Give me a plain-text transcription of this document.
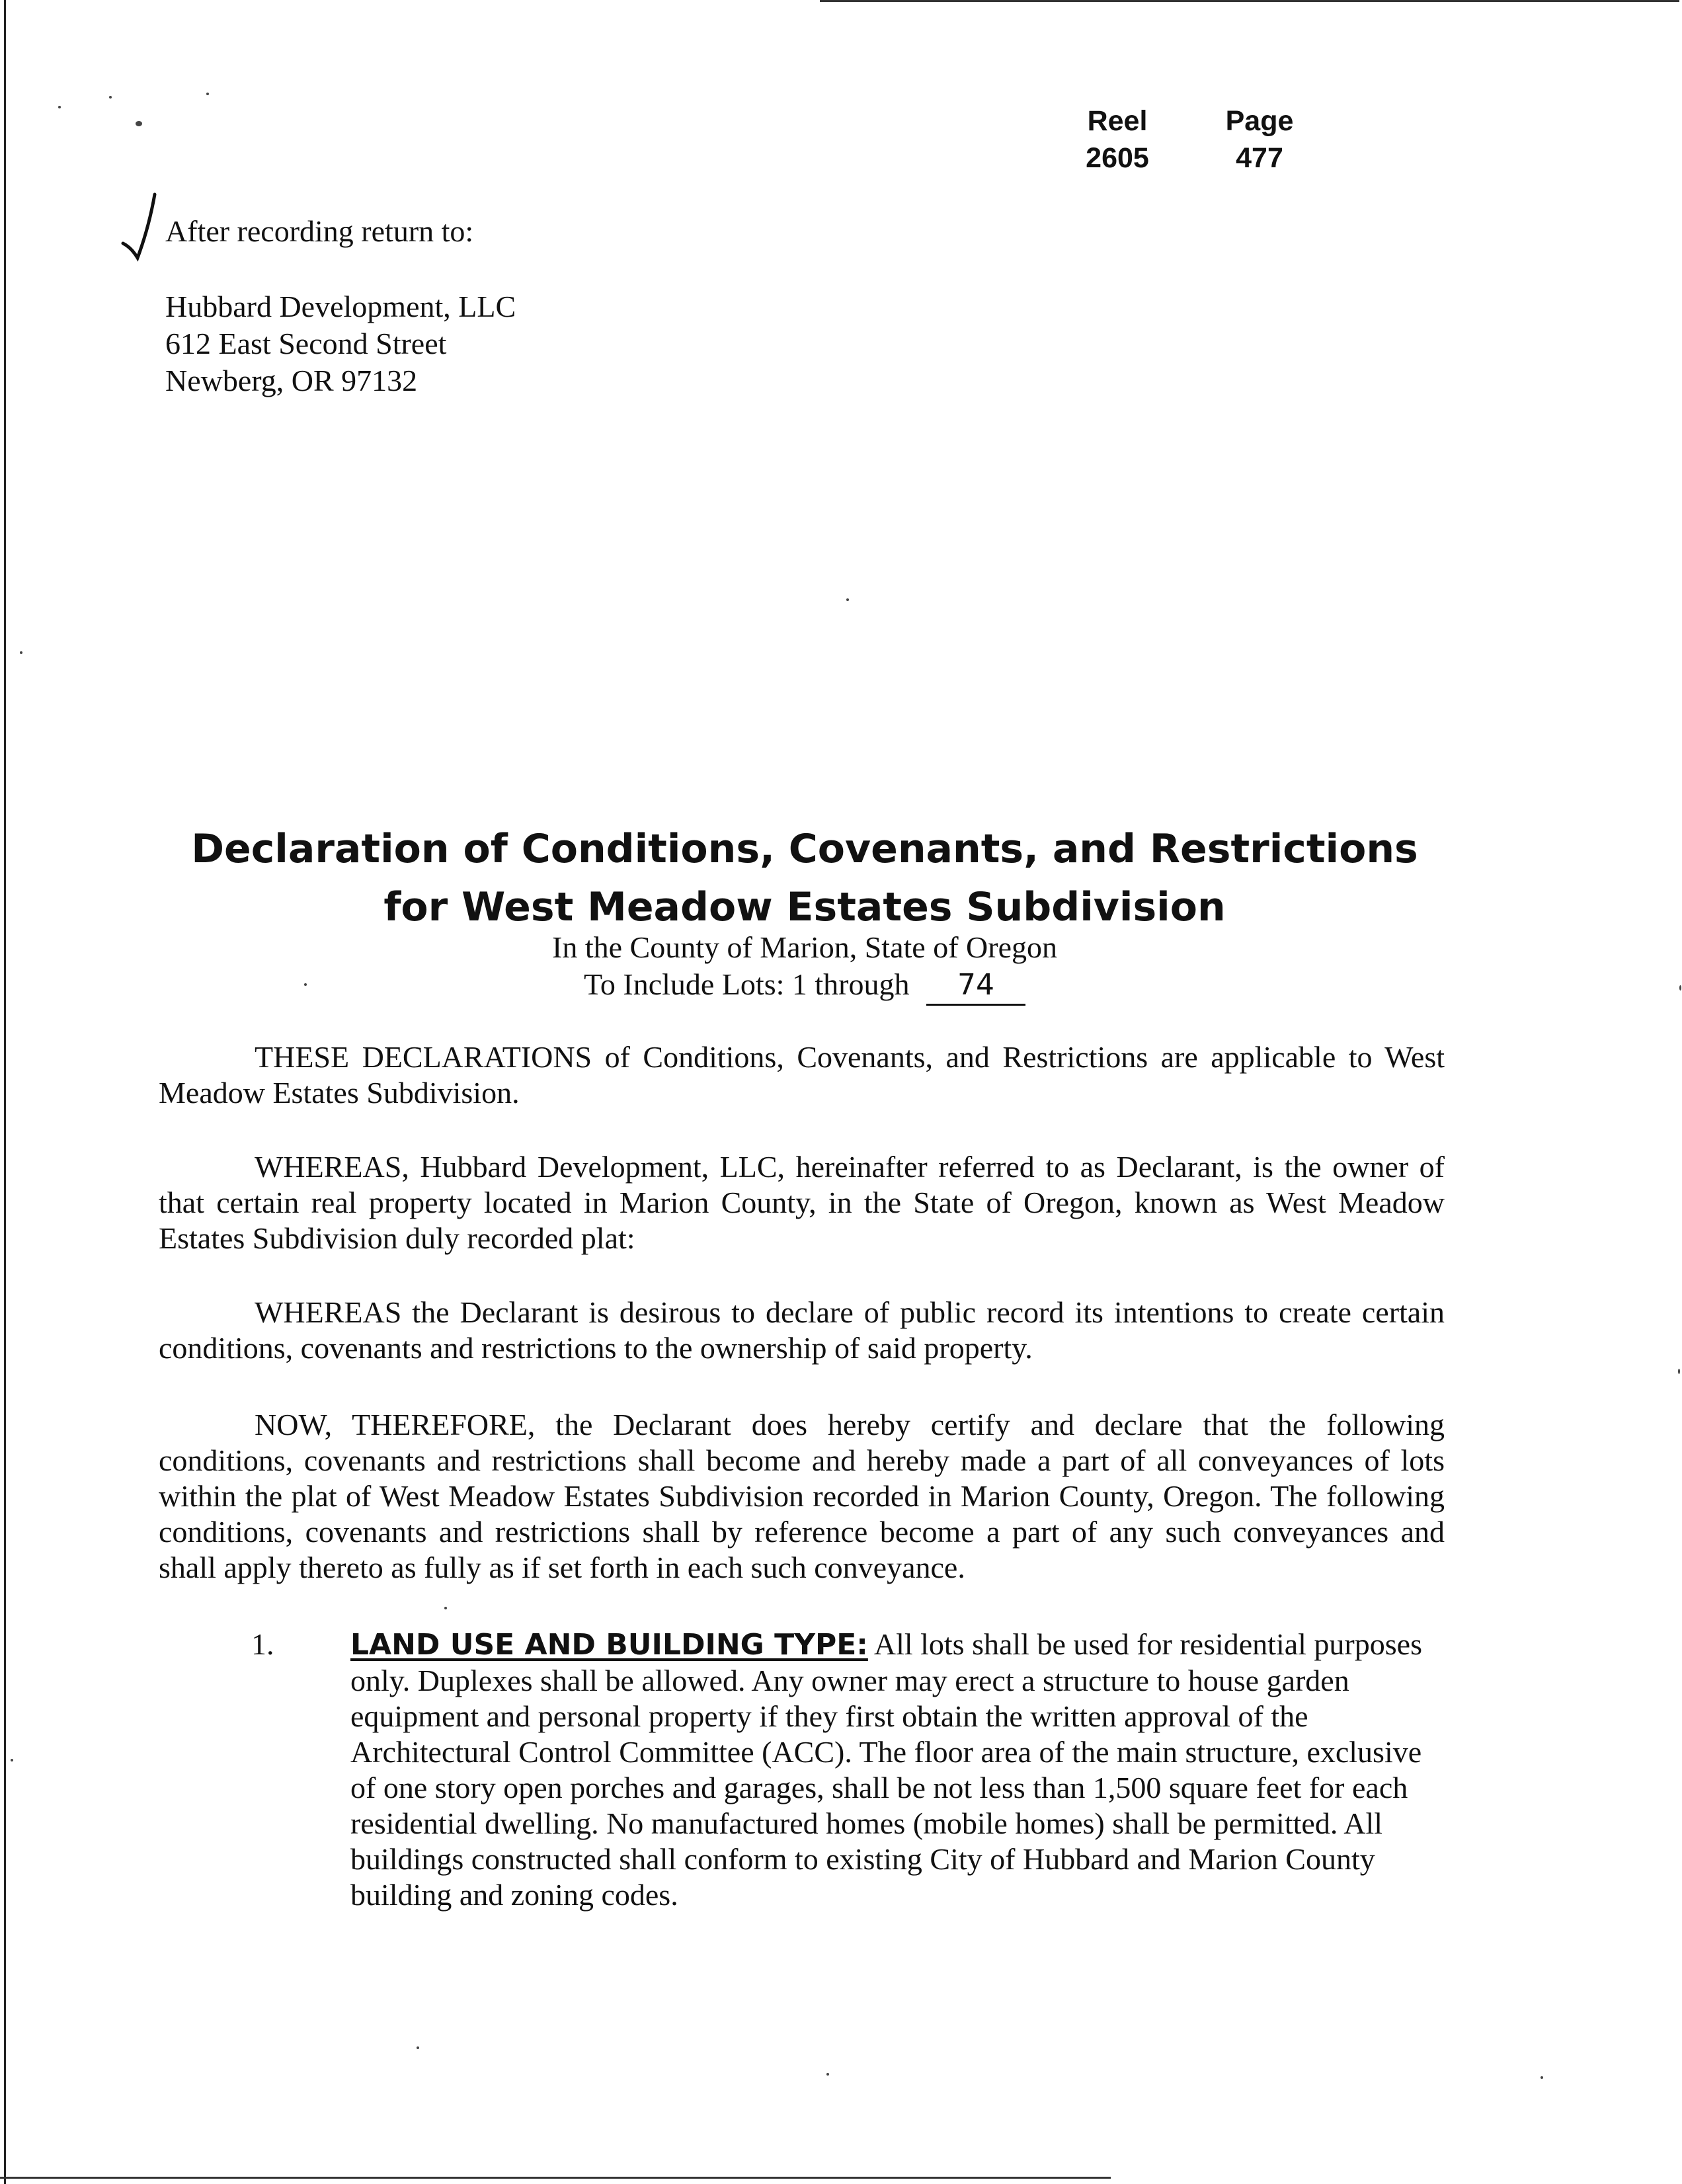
Reel
2605
Page
477
After recording return to:
Hubbard Development, LLC
612 East Second Street
Newberg, OR 97132
Declaration of Conditions, Covenants, and Restrictions
for West Meadow Estates Subdivision
In the County of Marion, State of Oregon
To Include Lots: 1 through 74
THESE DECLARATIONS of Conditions, Covenants, and Restrictions are applicable to West Meadow Estates Subdivision.
WHEREAS, Hubbard Development, LLC, hereinafter referred to as Declarant, is the owner of that certain real property located in Marion County, in the State of Oregon, known as West Meadow Estates Subdivision duly recorded plat:
WHEREAS the Declarant is desirous to declare of public record its intentions to create certain conditions, covenants and restrictions to the ownership of said property.
NOW, THEREFORE, the Declarant does hereby certify and declare that the following conditions, covenants and restrictions shall become and hereby made a part of all conveyances of lots within the plat of West Meadow Estates Subdivision recorded in Marion County, Oregon. The following conditions, covenants and restrictions shall by reference become a part of any such conveyances and shall apply thereto as fully as if set forth in each such conveyance.
1.	LAND USE AND BUILDING TYPE: All lots shall be used for residential purposes only. Duplexes shall be allowed. Any owner may erect a structure to house garden equipment and personal property if they first obtain the written approval of the Architectural Control Committee (ACC). The floor area of the main structure, exclusive of one story open porches and garages, shall be not less than 1,500 square feet for each residential dwelling. No manufactured homes (mobile homes) shall be permitted. All buildings constructed shall conform to existing City of Hubbard and Marion County building and zoning codes.
